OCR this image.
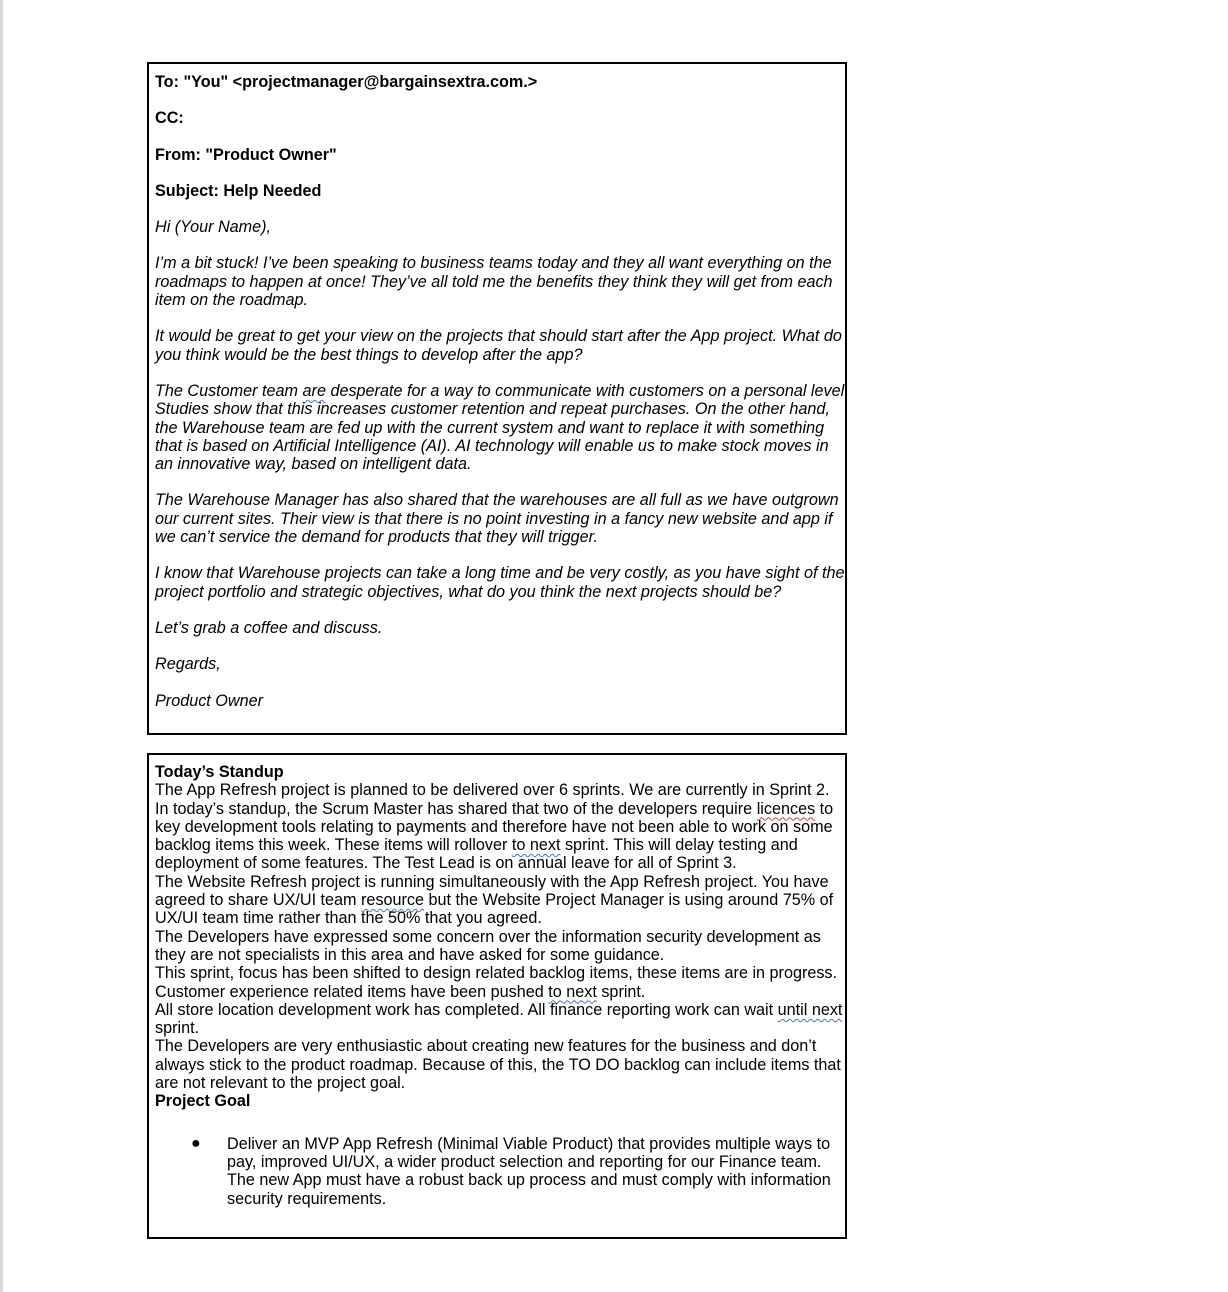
To: "You" <projectmanager@bargainsextra.com.>

CC:

From: "Product Owner"

Subject: Help Needed

Hi (Your Name),

I’m a bit stuck! I’ve been speaking to business teams today and they all want everything on the

roadmaps to happen at once! They’ve all told me the benefits they think they will get from each

item on the roadmap.

It would be great to get your view on the projects that should start after the App project. What do

you think would be the best things to develop after the app?

The Customer team are desperate for a way to communicate with customers on a personal level.

Studies show that this increases customer retention and repeat purchases. On the other hand,

the Warehouse team are fed up with the current system and want to replace it with something

that is based on Artificial Intelligence (AI). AI technology will enable us to make stock moves in

an innovative way, based on intelligent data.

The Warehouse Manager has also shared that the warehouses are all full as we have outgrown

our current sites. Their view is that there is no point investing in a fancy new website and app if

we can’t service the demand for products that they will trigger.

I know that Warehouse projects can take a long time and be very costly, as you have sight of the

project portfolio and strategic objectives, what do you think the next projects should be?

Let’s grab a coffee and discuss.

Regards,

Product Owner

Today’s Standup

The App Refresh project is planned to be delivered over 6 sprints. We are currently in Sprint 2.

In today’s standup, the Scrum Master has shared that two of the developers require licences to

key development tools relating to payments and therefore have not been able to work on some

backlog items this week. These items will rollover to next sprint. This will delay testing and

deployment of some features. The Test Lead is on annual leave for all of Sprint 3.

The Website Refresh project is running simultaneously with the App Refresh project. You have

agreed to share UX/UI team resource but the Website Project Manager is using around 75% of

UX/UI team time rather than the 50% that you agreed.

The Developers have expressed some concern over the information security development as

they are not specialists in this area and have asked for some guidance.

This sprint, focus has been shifted to design related backlog items, these items are in progress.

Customer experience related items have been pushed to next sprint.

All store location development work has completed. All finance reporting work can wait until next

sprint.

The Developers are very enthusiastic about creating new features for the business and don’t

always stick to the product roadmap. Because of this, the TO DO backlog can include items that

are not relevant to the project goal.

Project Goal

● Deliver an MVP App Refresh (Minimal Viable Product) that provides multiple ways to

pay, improved UI/UX, a wider product selection and reporting for our Finance team.

The new App must have a robust back up process and must comply with information

security requirements.
